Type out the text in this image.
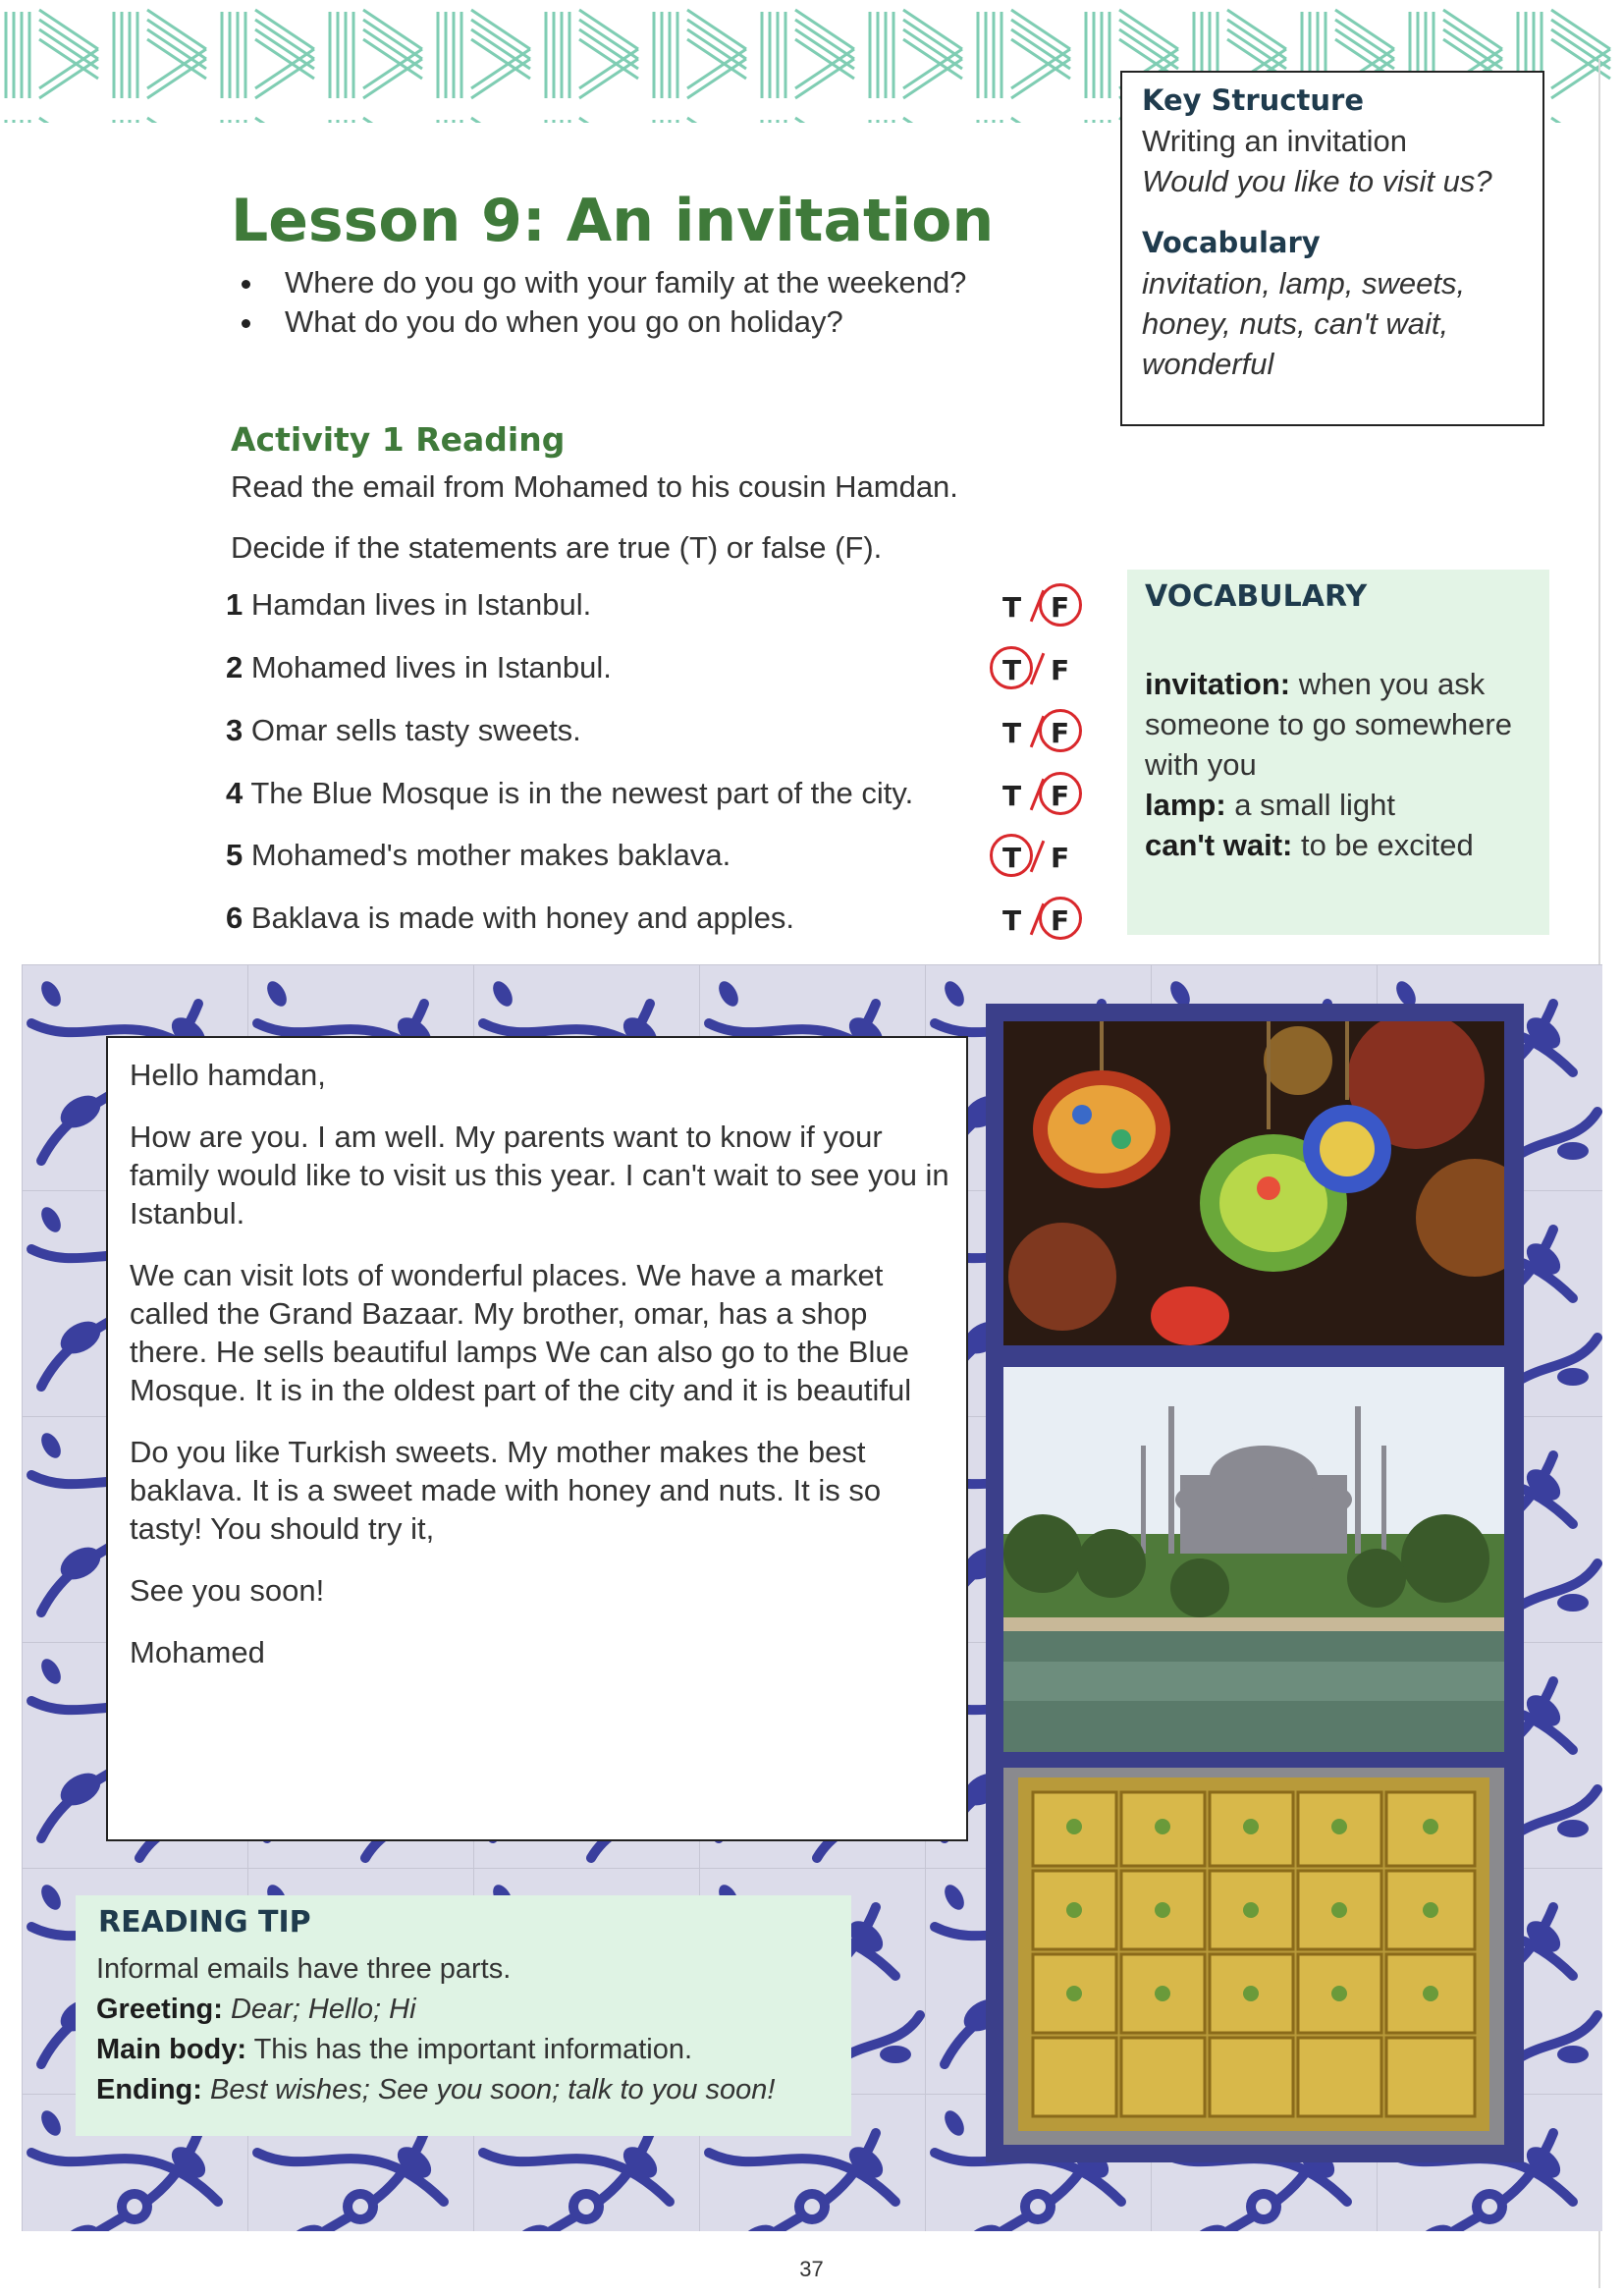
Lesson 9: An invitation
Where do you go with your family at the weekend?
What do you do when you go on holiday?
Key Structure
Writing an invitation
Would you like to visit us?
Vocabulary
invitation, lamp, sweets,
honey, nuts, can't wait,
wonderful
Activity 1 Reading
Read the email from Mohamed to his cousin Hamdan.
Decide if the statements are true (T) or false (F).
1 Hamdan lives in Istanbul.	T F
2 Mohamed lives in Istanbul.	T F
3 Omar sells tasty sweets.	T F
4 The Blue Mosque is in the newest part of the city.	T F
5 Mohamed's mother makes baklava.	T F
6 Baklava is made with honey and apples.	T F
VOCABULARY
invitation: when you ask someone to go somewhere with you
lamp: a small light
can't wait: to be excited

Hello hamdan,

How are you. I am well. My parents want to know if your family would like to visit us this year. I can't wait to see you in Istanbul.

We can visit lots of wonderful places. We have a market called the Grand Bazaar. My brother, omar, has a shop there. He sells beautiful lamps We can also go to the Blue Mosque. It is in the oldest part of the city and it is beautiful

Do you like Turkish sweets. My mother makes the best baklava. It is a sweet made with honey and nuts. It is so tasty! You should try it,

See you soon!

Mohamed

READING TIP
Informal emails have three parts.
Greeting: Dear; Hello; Hi
Main body: This has the important information.
Ending: Best wishes; See you soon; talk to you soon!
37
